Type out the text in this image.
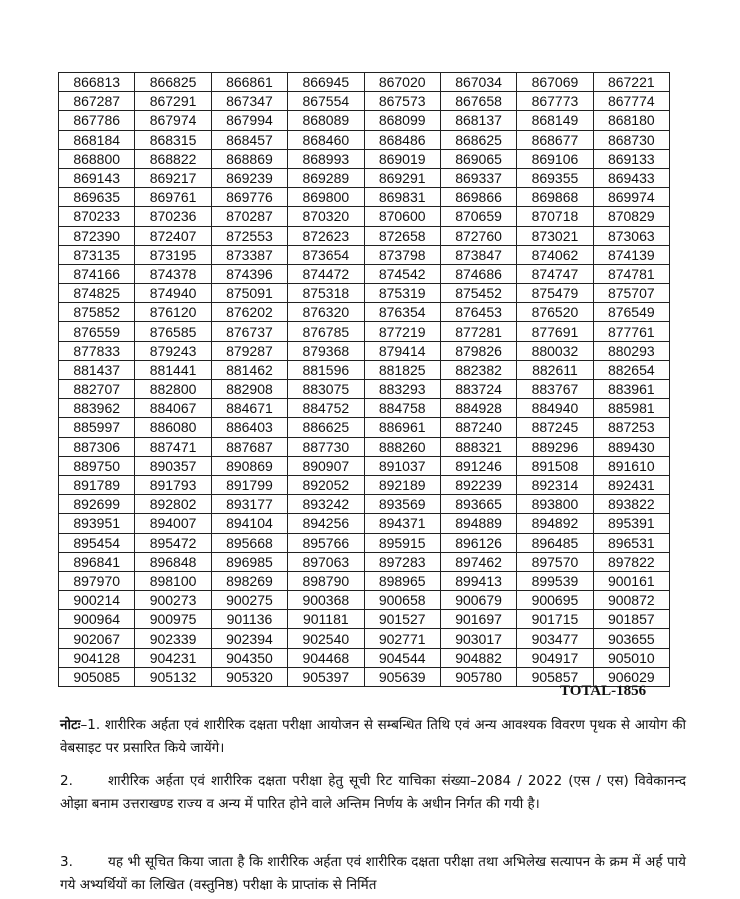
866813	866825	866861	866945	867020	867034	867069	867221
867287	867291	867347	867554	867573	867658	867773	867774
867786	867974	867994	868089	868099	868137	868149	868180
868184	868315	868457	868460	868486	868625	868677	868730
868800	868822	868869	868993	869019	869065	869106	869133
869143	869217	869239	869289	869291	869337	869355	869433
869635	869761	869776	869800	869831	869866	869868	869974
870233	870236	870287	870320	870600	870659	870718	870829
872390	872407	872553	872623	872658	872760	873021	873063
873135	873195	873387	873654	873798	873847	874062	874139
874166	874378	874396	874472	874542	874686	874747	874781
874825	874940	875091	875318	875319	875452	875479	875707
875852	876120	876202	876320	876354	876453	876520	876549
876559	876585	876737	876785	877219	877281	877691	877761
877833	879243	879287	879368	879414	879826	880032	880293
881437	881441	881462	881596	881825	882382	882611	882654
882707	882800	882908	883075	883293	883724	883767	883961
883962	884067	884671	884752	884758	884928	884940	885981
885997	886080	886403	886625	886961	887240	887245	887253
887306	887471	887687	887730	888260	888321	889296	889430
889750	890357	890869	890907	891037	891246	891508	891610
891789	891793	891799	892052	892189	892239	892314	892431
892699	892802	893177	893242	893569	893665	893800	893822
893951	894007	894104	894256	894371	894889	894892	895391
895454	895472	895668	895766	895915	896126	896485	896531
896841	896848	896985	897063	897283	897462	897570	897822
897970	898100	898269	898790	898965	899413	899539	900161
900214	900273	900275	900368	900658	900679	900695	900872
900964	900975	901136	901181	901527	901697	901715	901857
902067	902339	902394	902540	902771	903017	903477	903655
904128	904231	904350	904468	904544	904882	904917	905010
905085	905132	905320	905397	905639	905780	905857	906029
TOTAL-1856
नोटः–1. शारीरिक अर्हता एवं शारीरिक दक्षता परीक्षा आयोजन से सम्बन्धित तिथि एवं अन्य आवश्यक विवरण पृथक से आयोग की वेबसाइट पर प्रसारित किये जायेंगे।
2.	शारीरिक अर्हता एवं शारीरिक दक्षता परीक्षा हेतु सूची रिट याचिका संख्या–2084 / 2022 (एस / एस) विवेकानन्द ओझा बनाम उत्तराखण्ड राज्य व अन्य में पारित होने वाले अन्तिम निर्णय के अधीन निर्गत की गयी है।
3.	यह भी सूचित किया जाता है कि शारीरिक अर्हता एवं शारीरिक दक्षता परीक्षा तथा अभिलेख सत्यापन के क्रम में अर्ह पाये गये अभ्यर्थियों का लिखित (वस्तुनिष्ठ) परीक्षा के प्राप्तांक से निर्मित
